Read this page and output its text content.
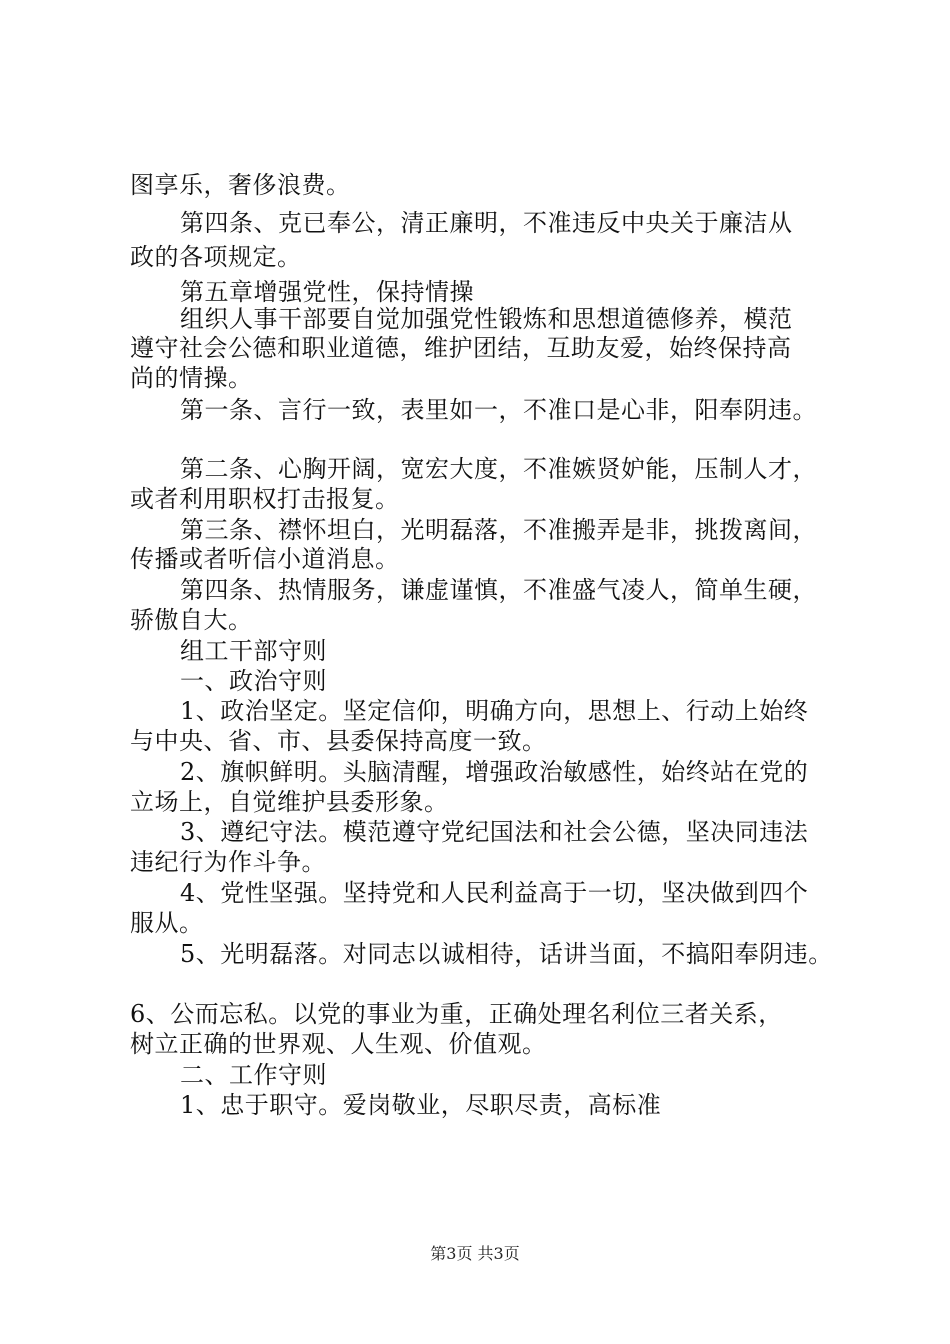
图享乐，奢侈浪费。
第四条、克已奉公，清正廉明，不准违反中央关于廉洁从
政的各项规定。
第五章增强党性，保持情操
组织人事干部要自觉加强党性锻炼和思想道德修养，模范
遵守社会公德和职业道德，维护团结，互助友爱，始终保持高
尚的情操。
第一条、言行一致，表里如一，不准口是心非，阳奉阴违。
第二条、心胸开阔，宽宏大度，不准嫉贤妒能，压制人才，
或者利用职权打击报复。
第三条、襟怀坦白，光明磊落，不准搬弄是非，挑拨离间，
传播或者听信小道消息。
第四条、热情服务，谦虚谨慎，不准盛气凌人，简单生硬，
骄傲自大。
组工干部守则
一、政治守则
1、政治坚定。坚定信仰，明确方向，思想上、行动上始终
与中央、省、市、县委保持高度一致。
2、旗帜鲜明。头脑清醒，增强政治敏感性，始终站在党的
立场上，自觉维护县委形象。
3、遵纪守法。模范遵守党纪国法和社会公德，坚决同违法
违纪行为作斗争。
4、党性坚强。坚持党和人民利益高于一切，坚决做到四个
服从。
5、光明磊落。对同志以诚相待，话讲当面，不搞阳奉阴违。
6、公而忘私。以党的事业为重，正确处理名利位三者关系，
树立正确的世界观、人生观、价值观。
二、工作守则
1、忠于职守。爱岗敬业，尽职尽责，高标准
第3页 共3页
